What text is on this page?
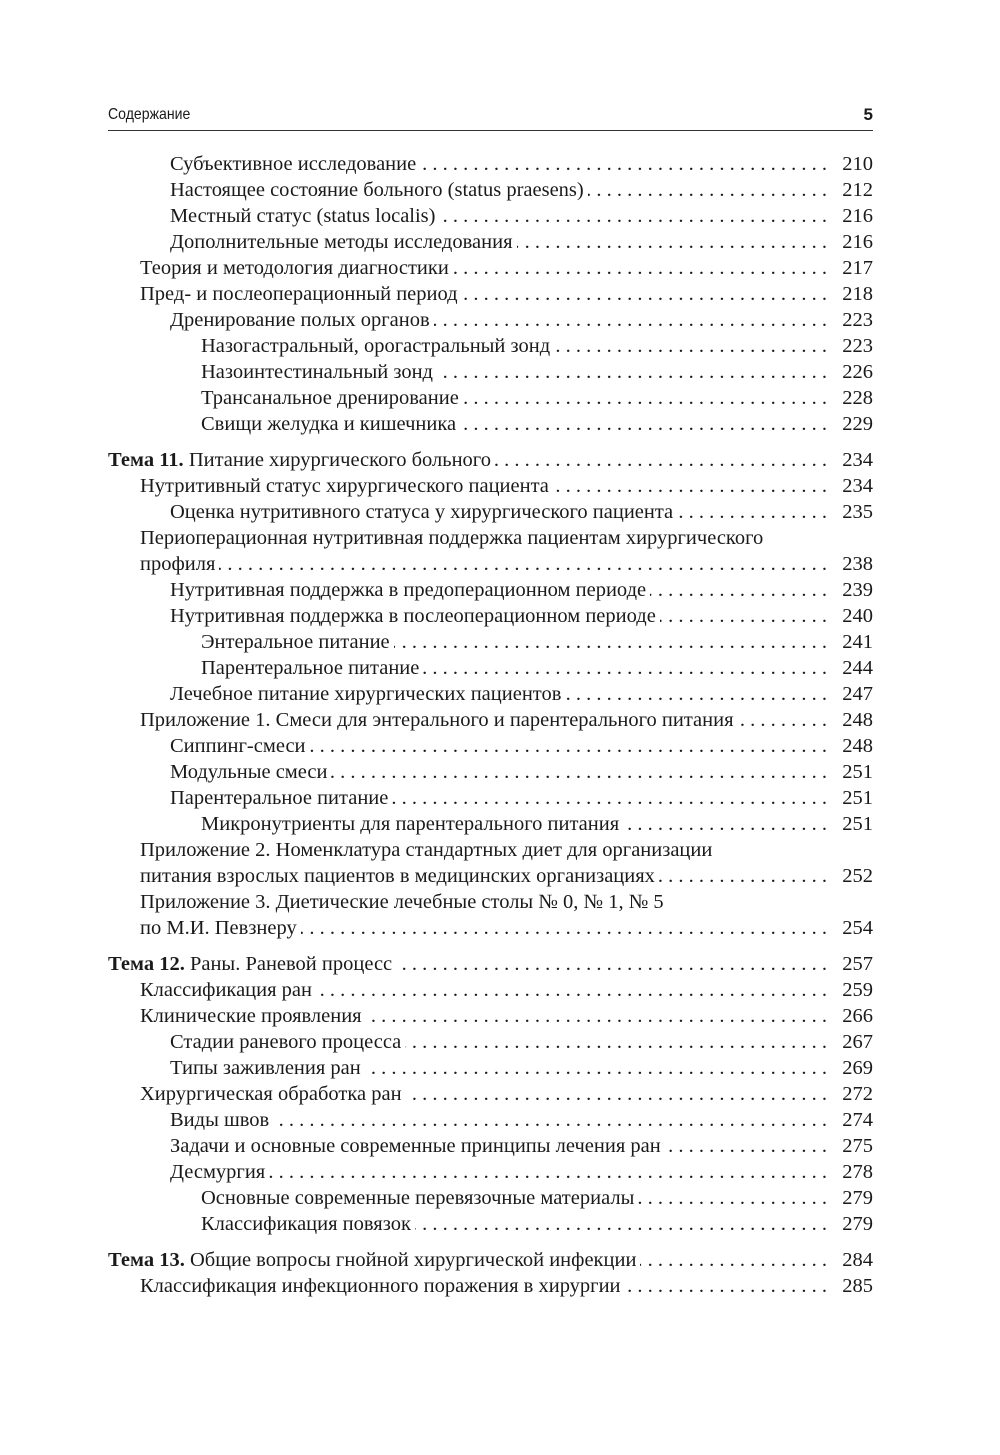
Содержание	5
Субъективное исследование . . .	210
Настоящее состояние больного (status praesens) . . .	212
Местный статус (status localis) . . .	216
Дополнительные методы исследования . . .	216
Теория и методология диагностики . . .	217
Пред- и послеоперационный период . . .	218
Дренирование полых органов . . .	223
Назогастральный, орогастральный зонд . . .	223
Назоинтестинальный зонд . . .	226
Трансанальное дренирование . . .	228
Свищи желудка и кишечника . . .	229
Тема 11. Питание хирургического больного . . .	234
Нутритивный статус хирургического пациента . . .	234
Оценка нутритивного статуса у хирургического пациента . . .	235
Периоперационная нутритивная поддержка пациентам хирургического
профиля . . .	238
Нутритивная поддержка в предоперационном периоде . . .	239
Нутритивная поддержка в послеоперационном периоде . . .	240
Энтеральное питание . . .	241
Парентеральное питание . . .	244
Лечебное питание хирургических пациентов . . .	247
Приложение 1. Смеси для энтерального и парентерального питания . . .	248
Сиппинг-смеси . . .	248
Модульные смеси . . .	251
Парентеральное питание . . .	251
Микронутриенты для парентерального питания . . .	251
Приложение 2. Номенклатура стандартных диет для организации
питания взрослых пациентов в медицинских организациях . . .	252
Приложение 3. Диетические лечебные столы № 0, № 1, № 5
по М.И. Певзнеру . . .	254
Тема 12. Раны. Раневой процесс . . .	257
Классификация ран . . .	259
Клинические проявления . . .	266
Стадии раневого процесса . . .	267
Типы заживления ран . . .	269
Хирургическая обработка ран . . .	272
Виды швов . . .	274
Задачи и основные современные принципы лечения ран . . .	275
Десмургия . . .	278
Основные современные перевязочные материалы . . .	279
Классификация повязок . . .	279
Тема 13. Общие вопросы гнойной хирургической инфекции . . .	284
Классификация инфекционного поражения в хирургии . . .	285
